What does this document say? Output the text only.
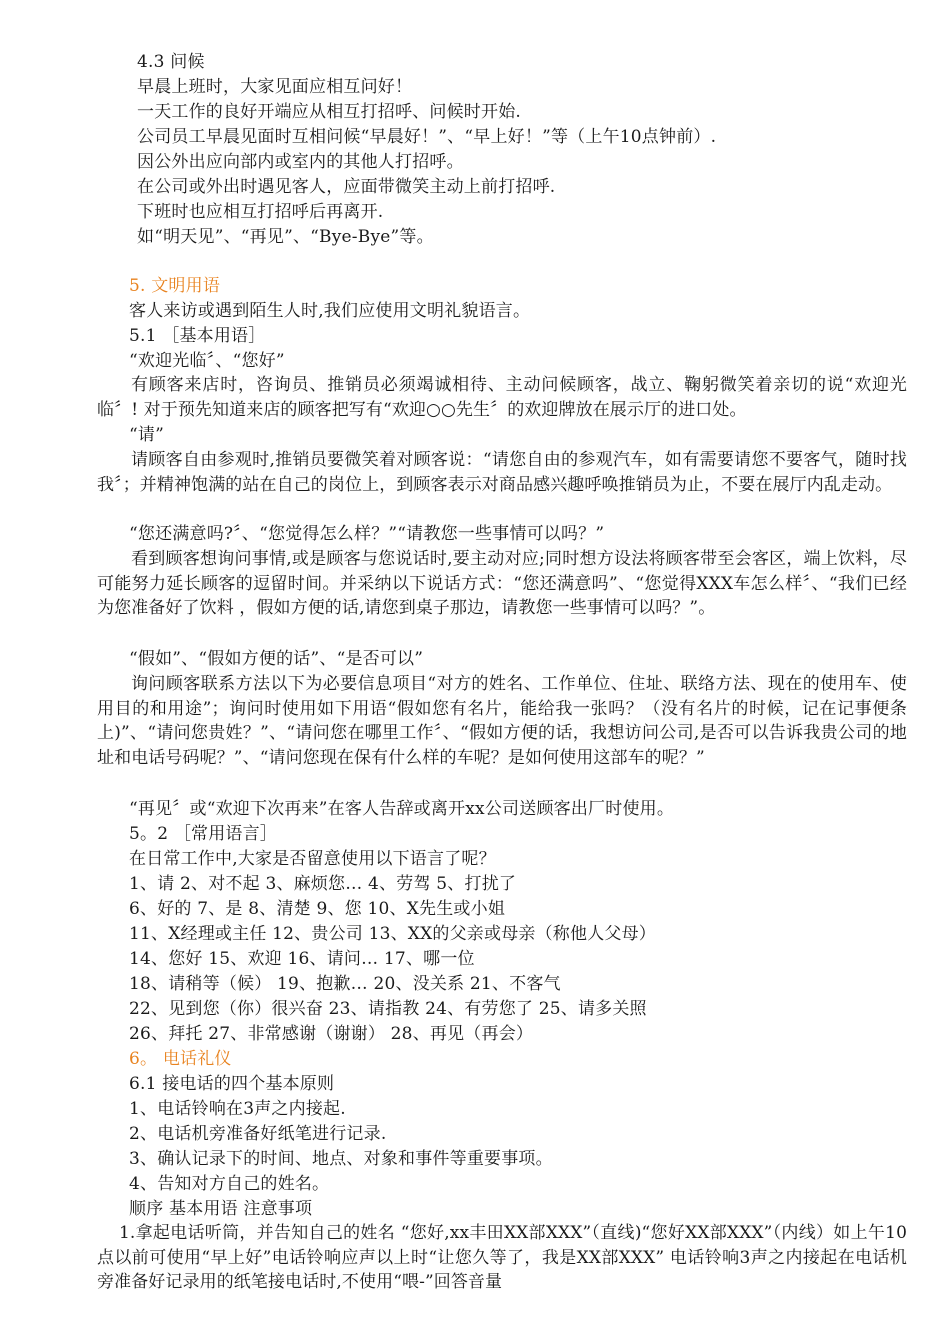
4.3 问候
早晨上班时，大家见面应相互问好！
一天工作的良好开端应从相互打招呼、问候时开始.
公司员工早晨见面时互相问候“早晨好！”、“早上好！”等（上午10点钟前）.
因公外出应向部内或室内的其他人打招呼。
在公司或外出时遇见客人，应面带微笑主动上前打招呼.
下班时也应相互打招呼后再离开.
如“明天见”、“再见”、“Bye-Bye”等。
5. 文明用语
客人来访或遇到陌生人时,我们应使用文明礼貌语言。
5.1 ［基本用语］
“欢迎光临〞、“您好”
有顾客来店时，咨询员、推销员必须竭诚相待、主动问候顾客，战立、鞠躬微笑着亲切的说“欢迎光临〞! 对于预先知道来店的顾客把写有“欢迎○○先生〞的欢迎牌放在展示厅的进口处。
“请”
请顾客自由参观时,推销员要微笑着对顾客说：“请您自由的参观汽车，如有需要请您不要客气，随时找我〞；并精神饱满的站在自己的岗位上，到顾客表示对商品感兴趣呼唤推销员为止，不要在展厅内乱走动。
“您还满意吗?〞、“您觉得怎么样？”“请教您一些事情可以吗？”
看到顾客想询问事情,或是顾客与您说话时,要主动对应;同时想方设法将顾客带至会客区，端上饮料，尽可能努力延长顾客的逗留时间。并采纳以下说话方式：“您还满意吗”、“您觉得XXX车怎么样〞、“我们已经为您准备好了饮料 ，假如方便的话,请您到桌子那边，请教您一些事情可以吗？”。
“假如”、“假如方便的话”、“是否可以”
询问顾客联系方法以下为必要信息项目“对方的姓名、工作单位、住址、联络方法、现在的使用车、使用目的和用途”；询问时使用如下用语“假如您有名片，能给我一张吗？（没有名片的时候，记在记事便条上)”、“请问您贵姓？”、“请问您在哪里工作〞、“假如方便的话，我想访问公司,是否可以告诉我贵公司的地址和电话号码呢？”、“请问您现在保有什么样的车呢？是如何使用这部车的呢？”
“再见〞或“欢迎下次再来”在客人告辞或离开xx公司送顾客出厂时使用。
5。2 ［常用语言］
在日常工作中,大家是否留意使用以下语言了呢？
1、请 2、对不起 3、麻烦您… 4、劳驾 5、打扰了
6、好的 7、是 8、清楚 9、您 10、X先生或小姐
11、X经理或主任 12、贵公司 13、XX的父亲或母亲（称他人父母）
14、您好 15、欢迎 16、请问… 17、哪一位
18、请稍等（候） 19、抱歉… 20、没关系 21、不客气
22、见到您（你）很兴奋 23、请指教 24、有劳您了 25、请多关照
26、拜托 27、非常感谢（谢谢） 28、再见（再会）
6。 电话礼仪
6.1 接电话的四个基本原则
1、电话铃响在3声之内接起.
2、电话机旁准备好纸笔进行记录.
3、确认记录下的时间、地点、对象和事件等重要事项。
4、告知对方自己的姓名。
顺序 基本用语 注意事项
1.拿起电话听筒，并告知自己的姓名 “您好,xx丰田XX部XXX”（直线)“您好XX部XXX”（内线）如上午10点以前可使用“早上好”电话铃响应声以上时“让您久等了，我是XX部XXX” 电话铃响3声之内接起在电话机旁准备好记录用的纸笔接电话时,不使用“喂-”回答音量
